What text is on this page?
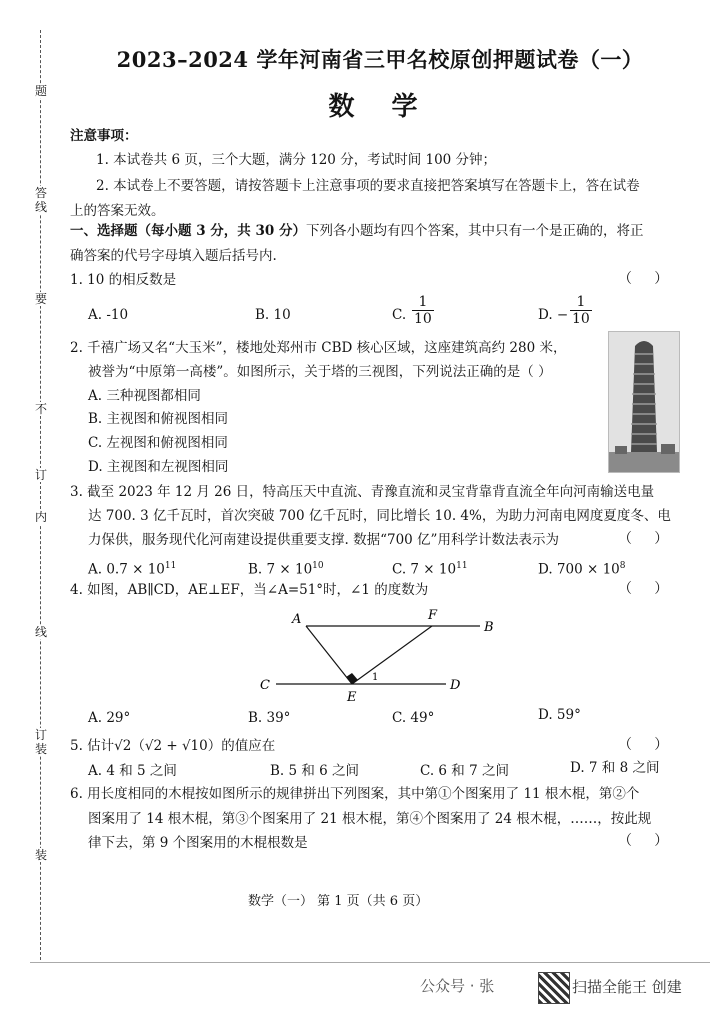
题
答
线
要
不
订
内
线
订
装
装
2023–2024 学年河南省三甲名校原创押题试卷（一）
数 学
注意事项：
1. 本试卷共 6 页，三个大题，满分 120 分，考试时间 100 分钟；
2. 本试卷上不要答题，请按答题卡上注意事项的要求直接把答案填写在答题卡上，答在试卷
上的答案无效。
一、选择题（每小题 3 分，共 30 分）下列各小题均有四个答案，其中只有一个是正确的，将正
确答案的代号字母填入题后括号内.
1. 10 的相反数是	（     ）
A. -10	B. 10	C. $\frac{1}{10}$	D. − $\frac{1}{10}$
2. 千禧广场又名“大玉米”，楼地处郑州市 CBD 核心区域，这座建筑高约 280 米，
被誉为“中原第一高楼”。如图所示，关于塔的三视图，下列说法正确的是（ ）
A. 三种视图都相同
B. 主视图和俯视图相同
C. 左视图和俯视图相同
D. 主视图和左视图相同
3. 截至 2023 年 12 月 26 日，特高压天中直流、青豫直流和灵宝背靠背直流全年向河南输送电量
达 700. 3 亿千瓦时，首次突破 700 亿千瓦时，同比增长 10. 4%，为助力河南电网度夏度冬、电
力保供，服务现代化河南建设提供重要支撑. 数据“700 亿”用科学计数法表示为	（     ）
A. $0.7 \times 10^{11}$	B. $7 \times 10^{10}$	C. $7 \times 10^{11}$	D. $700 \times 10^8$
4. 如图，AB∥CD，AE⊥EF，当∠A=51°时，∠1 的度数为	（     ）
A	F
B
C
E
D
1
A. 29°	B. 39°	C. 49°	D. 59°
5. 估计√2（√2 + √10）的值应在	（     ）
A. 4 和 5 之间	B. 5 和 6 之间	C. 6 和 7 之间	D. 7 和 8 之间
6. 用长度相同的木棍按如图所示的规律拼出下列图案，其中第①个图案用了 11 根木棍，第②个
图案用了 14 根木棍，第③个图案用了 21 根木棍，第④个图案用了 24 根木棍，……，按此规
（     ）
律下去，第 9 个图案用的木棍根数是
数学（一） 第 1 页（共 6 页）
公众号 · 张	扫描全能王 创建
